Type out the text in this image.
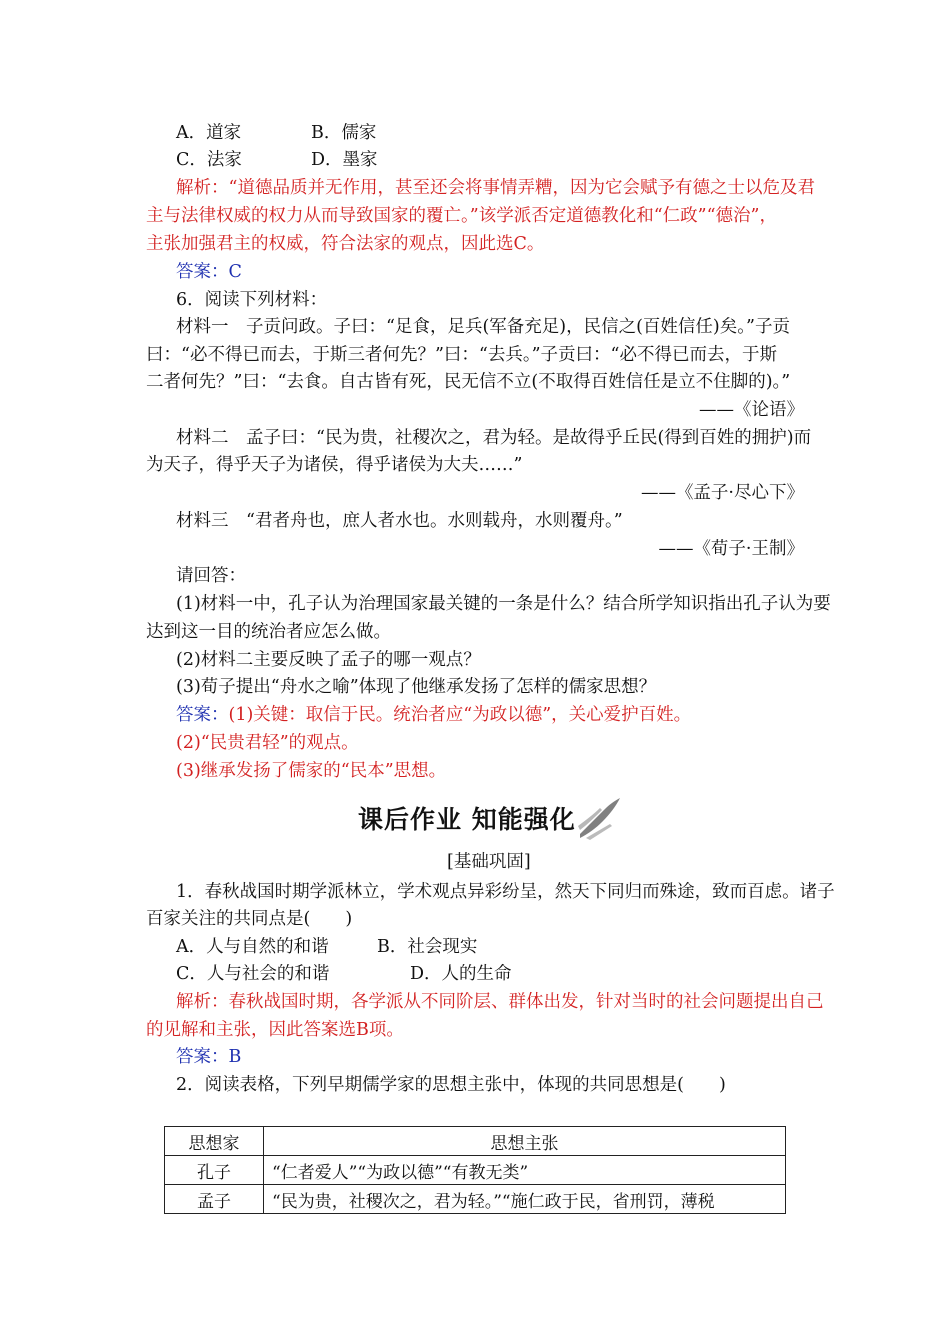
A．道家	B．儒家
C．法家	D．墨家
解析：“道德品质并无作用，甚至还会将事情弄糟，因为它会赋予有德之士以危及君
主与法律权威的权力从而导致国家的覆亡。”该学派否定道德教化和“仁政”“德治”，
主张加强君主的权威，符合法家的观点，因此选C。
答案：C
6．阅读下列材料：
材料一　子贡问政。子曰：“足食，足兵(军备充足)，民信之(百姓信任)矣。”子贡
曰：“必不得已而去，于斯三者何先？”曰：“去兵。”子贡曰：“必不得已而去，于斯
二者何先？”曰：“去食。自古皆有死，民无信不立(不取得百姓信任是立不住脚的)。”
——《论语》
材料二　孟子曰：“民为贵，社稷次之，君为轻。是故得乎丘民(得到百姓的拥护)而
为天子，得乎天子为诸侯，得乎诸侯为大夫……”
——《孟子·尽心下》
材料三　“君者舟也，庶人者水也。水则载舟，水则覆舟。”
——《荀子·王制》
请回答：
(1)材料一中，孔子认为治理国家最关键的一条是什么？结合所学知识指出孔子认为要
达到这一目的统治者应怎么做。
(2)材料二主要反映了孟子的哪一观点？
(3)荀子提出“舟水之喻”体现了他继承发扬了怎样的儒家思想？
答案：(1)关键：取信于民。统治者应“为政以德”，关心爱护百姓。
(2)“民贵君轻”的观点。
(3)继承发扬了儒家的“民本”思想。
课后作业 知能强化
[基础巩固]
1．春秋战国时期学派林立，学术观点异彩纷呈，然天下同归而殊途，致而百虑。诸子
百家关注的共同点是(　　)
A．人与自然的和谐	B．社会现实
C．人与社会的和谐	D．人的生命
解析：春秋战国时期，各学派从不同阶层、群体出发，针对当时的社会问题提出自己
的见解和主张，因此答案选B项。
答案：B
2．阅读表格，下列早期儒学家的思想主张中，体现的共同思想是(　　)
思想家	思想主张
孔子	“仁者爱人”“为政以德”“有教无类”
孟子	“民为贵，社稷次之，君为轻。”“施仁政于民，省刑罚，薄税
